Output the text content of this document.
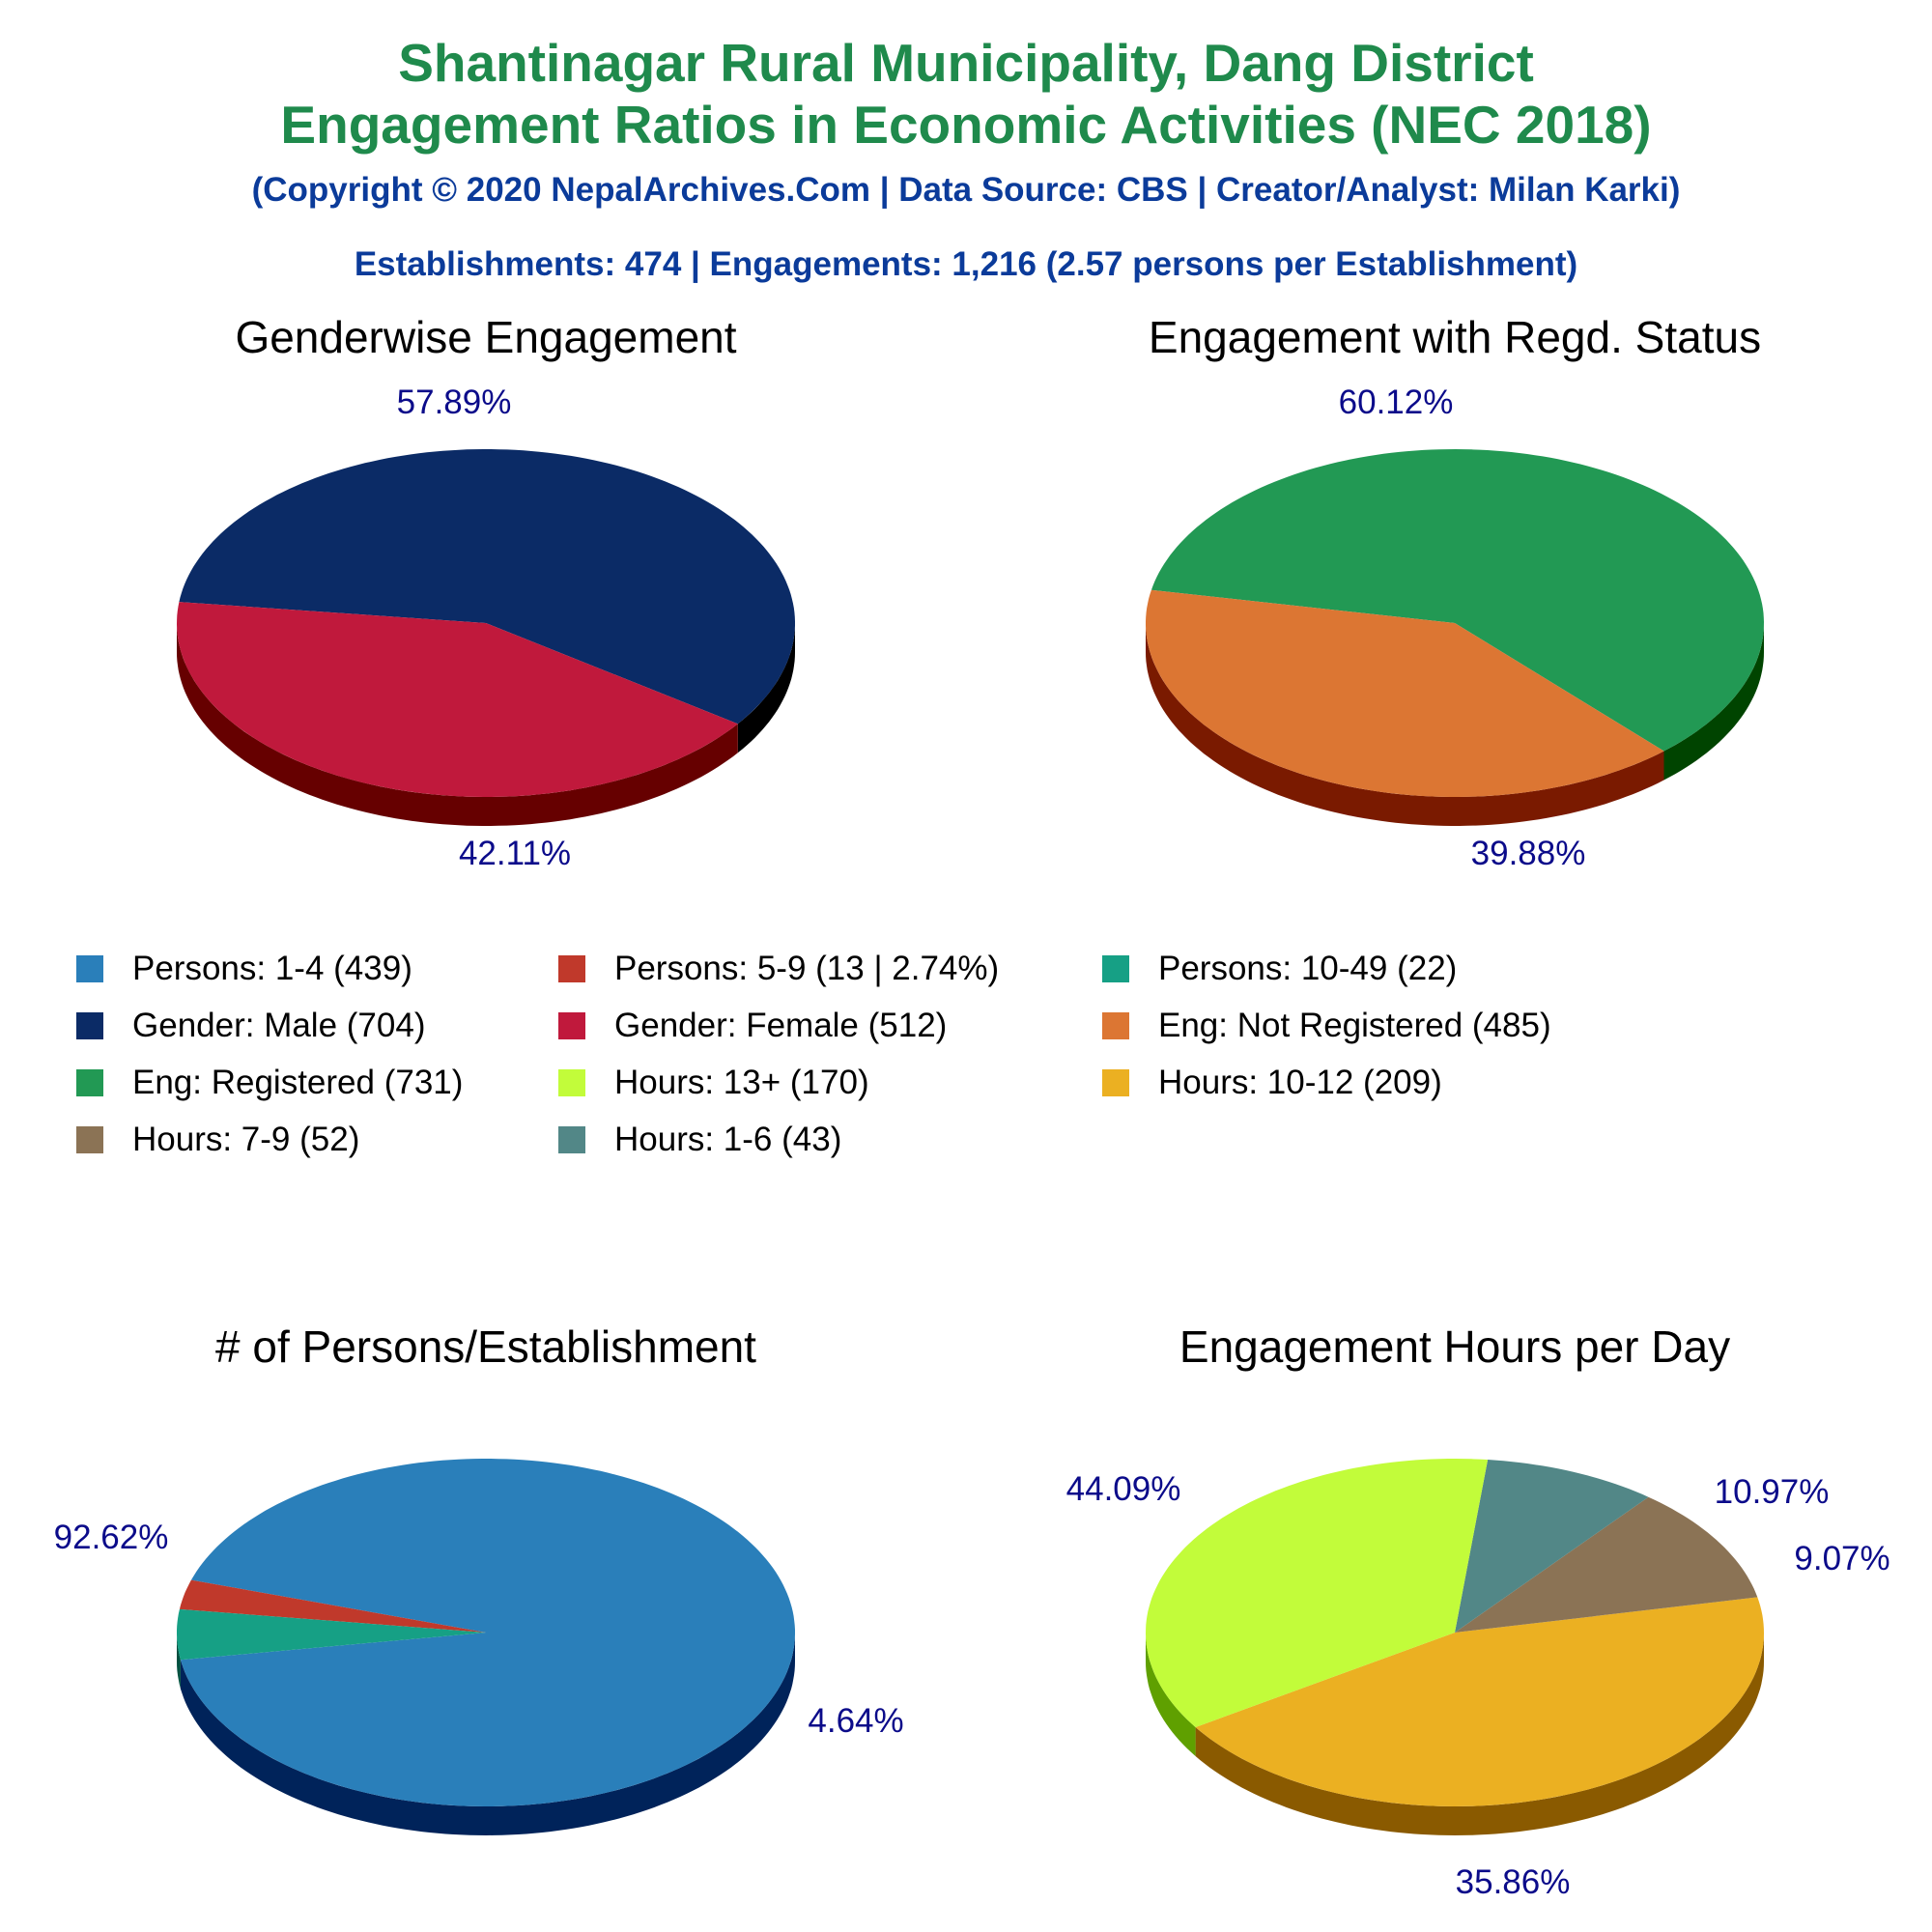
Shantinagar Rural Municipality, Dang District
Engagement Ratios in Economic Activities (NEC 2018)
(Copyright © 2020 NepalArchives.Com | Data Source: CBS | Creator/Analyst: Milan Karki)
Establishments: 474 | Engagements: 1,216 (2.57 persons per Establishment)
Genderwise Engagement
57.89%
42.11%
Engagement with Regd. Status
60.12%
39.88%
# of Persons/Establishment
92.62%
4.64%
Engagement Hours per Day
44.09%	10.97%
9.07%
35.86%
Persons: 1-4 (439)	Persons: 5-9 (13 | 2.74%)	Persons: 10-49 (22)
Gender: Male (704)	Gender: Female (512)	Eng: Not Registered (485)
Eng: Registered (731)	Hours: 13+ (170)	Hours: 10-12 (209)
Hours: 7-9 (52)	Hours: 1-6 (43)
